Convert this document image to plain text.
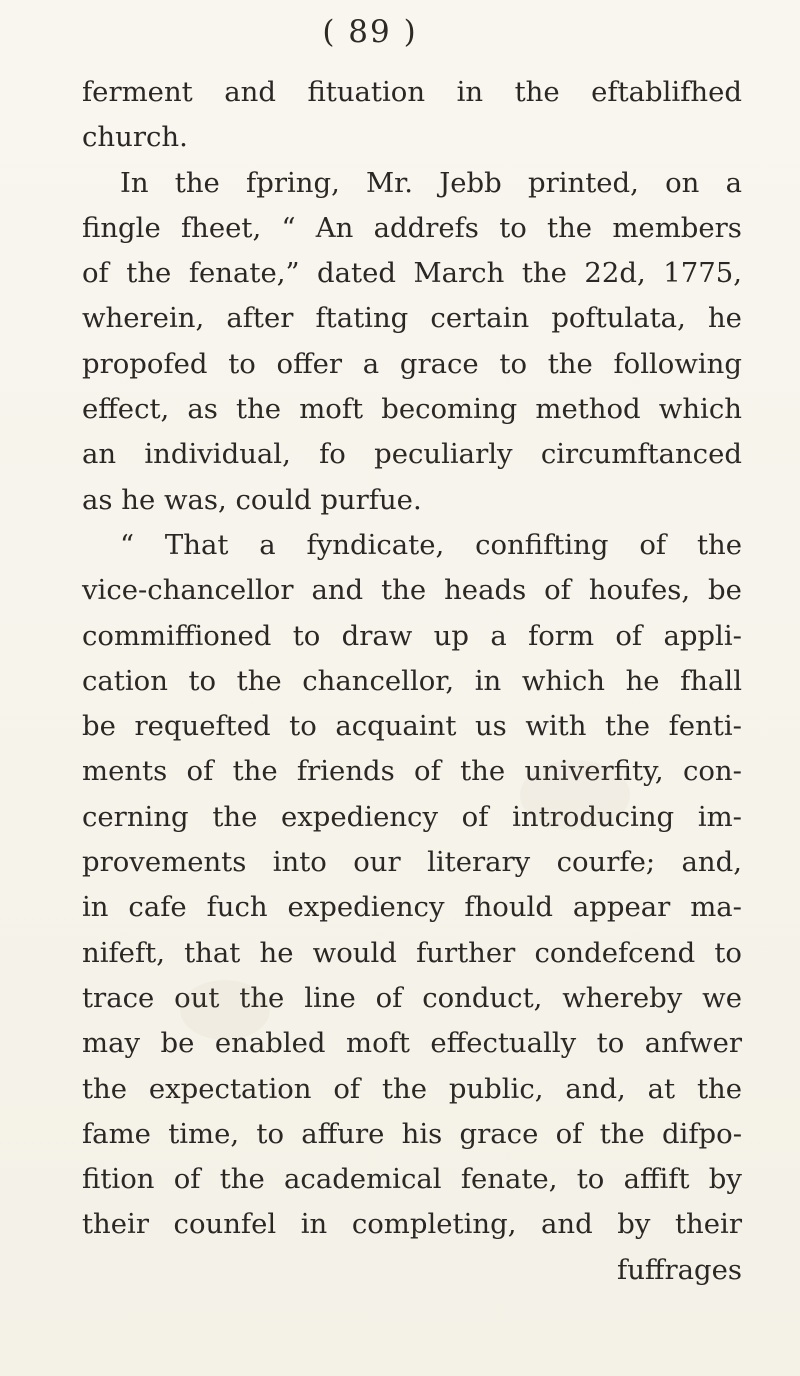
( 89 )
ferment and fituation in the eftablifhed
church.
In the fpring, Mr. Jebb printed, on a
fingle fheet, “ An addrefs to the members
of the fenate,” dated March the 22d, 1775,
wherein, after ftating certain poftulata, he
propofed to offer a grace to the following
effect, as the moft becoming method which
an individual, fo peculiarly circumftanced
as he was, could purfue.
“ That a fyndicate, confifting of the
vice-chancellor and the heads of houfes, be
commiffioned to draw up a form of appli-
cation to the chancellor, in which he fhall
be requefted to acquaint us with the fenti-
ments of the friends of the univerfity, con-
cerning the expediency of introducing im-
provements into our literary courfe; and,
in cafe fuch expediency fhould appear ma-
nifeft, that he would further condefcend to
trace out the line of conduct, whereby we
may be enabled moft effectually to anfwer
the expectation of the public, and, at the
fame time, to affure his grace of the difpo-
fition of the academical fenate, to affift by
their counfel in completing, and by their
fuffrages
